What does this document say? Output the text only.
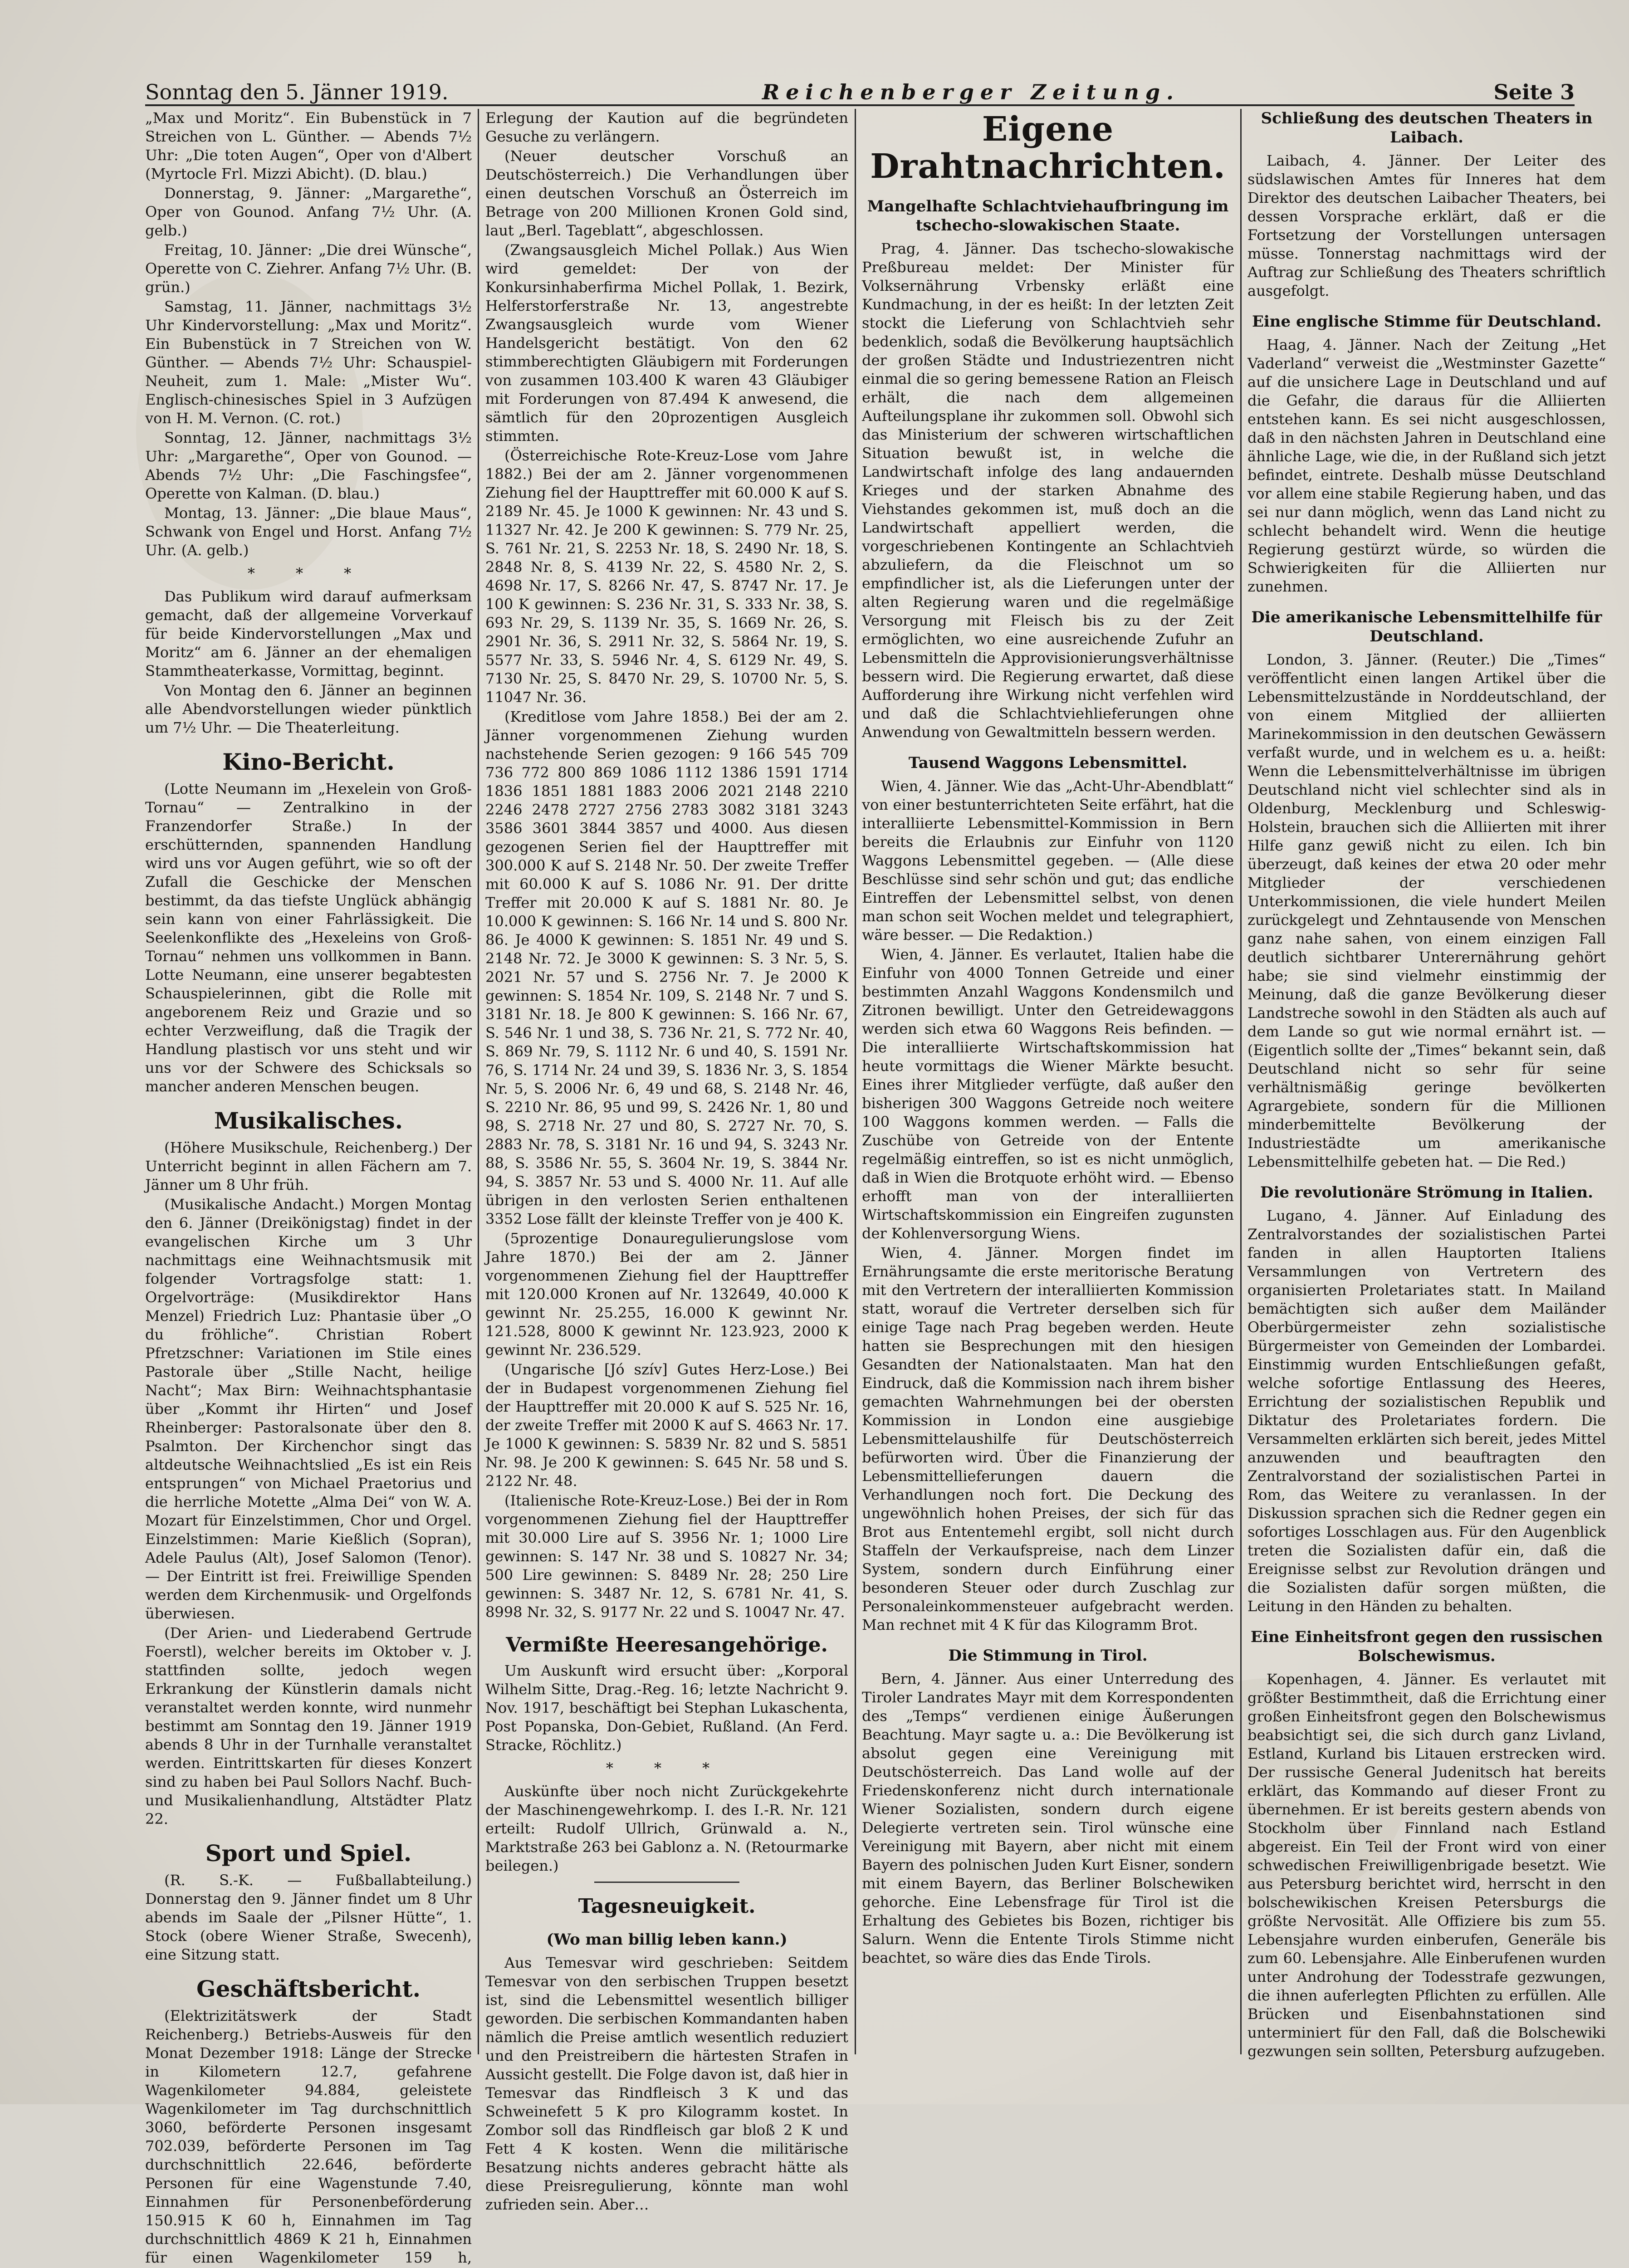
Sonntag den 5. Jänner 1919.	Reichenberger Zeitung.	Seite 3

„Max und Moritz“. Ein Bubenstück in 7 Streichen von L. Günther. — Abends 7½ Uhr: „Die toten Augen“, Oper von d'Albert (Myrtocle Frl. Mizzi Abicht). (D. blau.)

Donnerstag, 9. Jänner: „Margarethe“, Oper von Gounod. Anfang 7½ Uhr. (A. gelb.)

Freitag, 10. Jänner: „Die drei Wünsche“, Operette von C. Ziehrer. Anfang 7½ Uhr. (B. grün.)

Samstag, 11. Jänner, nachmittags 3½ Uhr Kindervorstellung: „Max und Moritz“. Ein Bubenstück in 7 Streichen von W. Günther. — Abends 7½ Uhr: Schauspiel-Neuheit, zum 1. Male: „Mister Wu“. Englisch-chinesisches Spiel in 3 Aufzügen von H. M. Vernon. (C. rot.)

Sonntag, 12. Jänner, nachmittags 3½ Uhr: „Margarethe“, Oper von Gounod. — Abends 7½ Uhr: „Die Faschingsfee“, Operette von Kalman. (D. blau.)

Montag, 13. Jänner: „Die blaue Maus“, Schwank von Engel und Horst. Anfang 7½ Uhr. (A. gelb.)

* * *

Das Publikum wird darauf aufmerksam gemacht, daß der allgemeine Vorverkauf für beide Kindervorstellungen „Max und Moritz“ am 6. Jänner an der ehemaligen Stammtheaterkasse, Vormittag, beginnt.

Von Montag den 6. Jänner an beginnen alle Abendvorstellungen wieder pünktlich um 7½ Uhr. — Die Theaterleitung.

Kino-Bericht.

(Lotte Neumann im „Hexelein von Groß-Tornau“ — Zentralkino in der Franzendorfer Straße.) In der erschütternden, spannenden Handlung wird uns vor Augen geführt, wie so oft der Zufall die Geschicke der Menschen bestimmt, da das tiefste Unglück abhängig sein kann von einer Fahrlässigkeit. Die Seelenkonflikte des „Hexeleins von Groß-Tornau“ nehmen uns vollkommen in Bann. Lotte Neumann, eine unserer begabtesten Schauspielerinnen, gibt die Rolle mit angeborenem Reiz und Grazie und so echter Verzweiflung, daß die Tragik der Handlung plastisch vor uns steht und wir uns vor der Schwere des Schicksals so mancher anderen Menschen beugen.

Musikalisches.

(Höhere Musikschule, Reichenberg.) Der Unterricht beginnt in allen Fächern am 7. Jänner um 8 Uhr früh.

(Musikalische Andacht.) Morgen Montag den 6. Jänner (Dreikönigstag) findet in der evangelischen Kirche um 3 Uhr nachmittags eine Weihnachtsmusik mit folgender Vortragsfolge statt: 1. Orgelvorträge: (Musikdirektor Hans Menzel) Friedrich Luz: Phantasie über „O du fröhliche“. Christian Robert Pfretzschner: Variationen im Stile eines Pastorale über „Stille Nacht, heilige Nacht“; Max Birn: Weihnachtsphantasie über „Kommt ihr Hirten“ und Josef Rheinberger: Pastoralsonate über den 8. Psalmton. Der Kirchenchor singt das altdeutsche Weihnachtslied „Es ist ein Reis entsprungen“ von Michael Praetorius und die herrliche Motette „Alma Dei“ von W. A. Mozart für Einzelstimmen, Chor und Orgel. Einzelstimmen: Marie Kießlich (Sopran), Adele Paulus (Alt), Josef Salomon (Tenor). — Der Eintritt ist frei. Freiwillige Spenden werden dem Kirchenmusik- und Orgelfonds überwiesen.

(Der Arien- und Liederabend Gertrude Foerstl), welcher bereits im Oktober v. J. stattfinden sollte, jedoch wegen Erkrankung der Künstlerin damals nicht veranstaltet werden konnte, wird nunmehr bestimmt am Sonntag den 19. Jänner 1919 abends 8 Uhr in der Turnhalle veranstaltet werden. Eintrittskarten für dieses Konzert sind zu haben bei Paul Sollors Nachf. Buch- und Musikalienhandlung, Altstädter Platz 22.

Sport und Spiel.

(R. S.-K. — Fußballabteilung.) Donnerstag den 9. Jänner findet um 8 Uhr abends im Saale der „Pilsner Hütte“, 1. Stock (obere Wiener Straße, Swecenh), eine Sitzung statt.

Geschäftsbericht.

(Elektrizitätswerk der Stadt Reichenberg.) Betriebs-Ausweis für den Monat Dezember 1918: Länge der Strecke in Kilometern 12.7, gefahrene Wagenkilometer 94.884, geleistete Wagenkilometer im Tag durchschnittlich 3060, beförderte Personen insgesamt 702.039, beförderte Personen im Tag durchschnittlich 22.646, beförderte Personen für eine Wagenstunde 7.40, Einnahmen für Personenbeförderung 150.915 K 60 h, Einnahmen im Tag durchschnittlich 4869 K 21 h, Einnahmen für einen Wagenkilometer 159 h,

Erlegung der Kaution auf die begründeten Gesuche zu verlängern.

(Neuer deutscher Vorschuß an Deutschösterreich.) Die Verhandlungen über einen deutschen Vorschuß an Österreich im Betrage von 200 Millionen Kronen Gold sind, laut „Berl. Tageblatt“, abgeschlossen.

(Zwangsausgleich Michel Pollak.) Aus Wien wird gemeldet: Der von der Konkursinhaberfirma Michel Pollak, 1. Bezirk, Helferstorferstraße Nr. 13, angestrebte Zwangsausgleich wurde vom Wiener Handelsgericht bestätigt. Von den 62 stimmberechtigten Gläubigern mit Forderungen von zusammen 103.400 K waren 43 Gläubiger mit Forderungen von 87.494 K anwesend, die sämtlich für den 20prozentigen Ausgleich stimmten.

(Österreichische Rote-Kreuz-Lose vom Jahre 1882.) Bei der am 2. Jänner vorgenommenen Ziehung fiel der Haupttreffer mit 60.000 K auf S. 2189 Nr. 45. Je 1000 K gewinnen: Nr. 43 und S. 11327 Nr. 42. Je 200 K gewinnen: S. 779 Nr. 25, S. 761 Nr. 21, S. 2253 Nr. 18, S. 2490 Nr. 18, S. 2848 Nr. 8, S. 4139 Nr. 22, S. 4580 Nr. 2, S. 4698 Nr. 17, S. 8266 Nr. 47, S. 8747 Nr. 17. Je 100 K gewinnen: S. 236 Nr. 31, S. 333 Nr. 38, S. 693 Nr. 29, S. 1139 Nr. 35, S. 1669 Nr. 26, S. 2901 Nr. 36, S. 2911 Nr. 32, S. 5864 Nr. 19, S. 5577 Nr. 33, S. 5946 Nr. 4, S. 6129 Nr. 49, S. 7130 Nr. 25, S. 8470 Nr. 29, S. 10700 Nr. 5, S. 11047 Nr. 36.

(Kreditlose vom Jahre 1858.) Bei der am 2. Jänner vorgenommenen Ziehung wurden nachstehende Serien gezogen: 9 166 545 709 736 772 800 869 1086 1112 1386 1591 1714 1836 1851 1881 1883 2006 2021 2148 2210 2246 2478 2727 2756 2783 3082 3181 3243 3586 3601 3844 3857 und 4000. Aus diesen gezogenen Serien fiel der Haupttreffer mit 300.000 K auf S. 2148 Nr. 50. Der zweite Treffer mit 60.000 K auf S. 1086 Nr. 91. Der dritte Treffer mit 20.000 K auf S. 1881 Nr. 80. Je 10.000 K gewinnen: S. 166 Nr. 14 und S. 800 Nr. 86. Je 4000 K gewinnen: S. 1851 Nr. 49 und S. 2148 Nr. 72. Je 3000 K gewinnen: S. 3 Nr. 5, S. 2021 Nr. 57 und S. 2756 Nr. 7. Je 2000 K gewinnen: S. 1854 Nr. 109, S. 2148 Nr. 7 und S. 3181 Nr. 18. Je 800 K gewinnen: S. 166 Nr. 67, S. 546 Nr. 1 und 38, S. 736 Nr. 21, S. 772 Nr. 40, S. 869 Nr. 79, S. 1112 Nr. 6 und 40, S. 1591 Nr. 76, S. 1714 Nr. 24 und 39, S. 1836 Nr. 3, S. 1854 Nr. 5, S. 2006 Nr. 6, 49 und 68, S. 2148 Nr. 46, S. 2210 Nr. 86, 95 und 99, S. 2426 Nr. 1, 80 und 98, S. 2718 Nr. 27 und 80, S. 2727 Nr. 70, S. 2883 Nr. 78, S. 3181 Nr. 16 und 94, S. 3243 Nr. 88, S. 3586 Nr. 55, S. 3604 Nr. 19, S. 3844 Nr. 94, S. 3857 Nr. 53 und S. 4000 Nr. 11. Auf alle übrigen in den verlosten Serien enthaltenen 3352 Lose fällt der kleinste Treffer von je 400 K.

(5prozentige Donauregulierungslose vom Jahre 1870.) Bei der am 2. Jänner vorgenommenen Ziehung fiel der Haupttreffer mit 120.000 Kronen auf Nr. 132649, 40.000 K gewinnt Nr. 25.255, 16.000 K gewinnt Nr. 121.528, 8000 K gewinnt Nr. 123.923, 2000 K gewinnt Nr. 236.529.

(Ungarische [Jó szív] Gutes Herz-Lose.) Bei der in Budapest vorgenommenen Ziehung fiel der Haupttreffer mit 20.000 K auf S. 525 Nr. 16, der zweite Treffer mit 2000 K auf S. 4663 Nr. 17. Je 1000 K gewinnen: S. 5839 Nr. 82 und S. 5851 Nr. 98. Je 200 K gewinnen: S. 645 Nr. 58 und S. 2122 Nr. 48.

(Italienische Rote-Kreuz-Lose.) Bei der in Rom vorgenommenen Ziehung fiel der Haupttreffer mit 30.000 Lire auf S. 3956 Nr. 1; 1000 Lire gewinnen: S. 147 Nr. 38 und S. 10827 Nr. 34; 500 Lire gewinnen: S. 8489 Nr. 28; 250 Lire gewinnen: S. 3487 Nr. 12, S. 6781 Nr. 41, S. 8998 Nr. 32, S. 9177 Nr. 22 und S. 10047 Nr. 47.

Vermißte Heeresangehörige.

Um Auskunft wird ersucht über: „Korporal Wilhelm Sitte, Drag.-Reg. 16; letzte Nachricht 9. Nov. 1917, beschäftigt bei Stephan Lukaschenta, Post Popanska, Don-Gebiet, Rußland. (An Ferd. Stracke, Röchlitz.)

* * *

Auskünfte über noch nicht Zurückgekehrte der Maschinengewehrkomp. I. des I.-R. Nr. 121 erteilt: Rudolf Ullrich, Grünwald a. N., Marktstraße 263 bei Gablonz a. N. (Retourmarke beilegen.)

Tagesneuigkeit.
(Wo man billig leben kann.)

Aus Temesvar wird geschrieben: Seitdem Temesvar von den serbischen Truppen besetzt ist, sind die Lebensmittel wesentlich billiger geworden. Die serbischen Kommandanten haben nämlich die Preise amtlich wesentlich reduziert und den Preistreibern die härtesten Strafen in Aussicht gestellt. Die Folge davon ist, daß hier in Temesvar das Rindfleisch 3 K und das Schweinefett 5 K pro Kilogramm kostet. In Zombor soll das Rindfleisch gar bloß 2 K und Fett 4 K kosten. Wenn die militärische Besatzung nichts anderes gebracht hätte als diese Preisregulierung, könnte man wohl zufrieden sein. Aber…

Eigene Drahtnachrichten.
Mangelhafte Schlachtviehaufbringung im tschecho-slowakischen Staate.

Prag, 4. Jänner. Das tschecho-slowakische Preßbureau meldet: Der Minister für Volksernährung Vrbensky erläßt eine Kundmachung, in der es heißt: In der letzten Zeit stockt die Lieferung von Schlachtvieh sehr bedenklich, sodaß die Bevölkerung hauptsächlich der großen Städte und Industriezentren nicht einmal die so gering bemessene Ration an Fleisch erhält, die nach dem allgemeinen Aufteilungsplane ihr zukommen soll. Obwohl sich das Ministerium der schweren wirtschaftlichen Situation bewußt ist, in welche die Landwirtschaft infolge des lang andauernden Krieges und der starken Abnahme des Viehstandes gekommen ist, muß doch an die Landwirtschaft appelliert werden, die vorgeschriebenen Kontingente an Schlachtvieh abzuliefern, da die Fleischnot um so empfindlicher ist, als die Lieferungen unter der alten Regierung waren und die regelmäßige Versorgung mit Fleisch bis zu der Zeit ermöglichten, wo eine ausreichende Zufuhr an Lebensmitteln die Approvisionierungsverhältnisse bessern wird. Die Regierung erwartet, daß diese Aufforderung ihre Wirkung nicht verfehlen wird und daß die Schlachtviehlieferungen ohne Anwendung von Gewaltmitteln bessern werden.

Tausend Waggons Lebensmittel.

Wien, 4. Jänner. Wie das „Acht-Uhr-Abendblatt“ von einer bestunterrichteten Seite erfährt, hat die interalliierte Lebensmittel-Kommission in Bern bereits die Erlaubnis zur Einfuhr von 1120 Waggons Lebensmittel gegeben. — (Alle diese Beschlüsse sind sehr schön und gut; das endliche Eintreffen der Lebensmittel selbst, von denen man schon seit Wochen meldet und telegraphiert, wäre besser. — Die Redaktion.)

Wien, 4. Jänner. Es verlautet, Italien habe die Einfuhr von 4000 Tonnen Getreide und einer bestimmten Anzahl Waggons Kondensmilch und Zitronen bewilligt. Unter den Getreidewaggons werden sich etwa 60 Waggons Reis befinden. — Die interalliierte Wirtschaftskommission hat heute vormittags die Wiener Märkte besucht. Eines ihrer Mitglieder verfügte, daß außer den bisherigen 300 Waggons Getreide noch weitere 100 Waggons kommen werden. — Falls die Zuschübe von Getreide von der Entente regelmäßig eintreffen, so ist es nicht unmöglich, daß in Wien die Brotquote erhöht wird. — Ebenso erhofft man von der interalliierten Wirtschaftskommission ein Eingreifen zugunsten der Kohlenversorgung Wiens.

Wien, 4. Jänner. Morgen findet im Ernährungsamte die erste meritorische Beratung mit den Vertretern der interalliierten Kommission statt, worauf die Vertreter derselben sich für einige Tage nach Prag begeben werden. Heute hatten sie Besprechungen mit den hiesigen Gesandten der Nationalstaaten. Man hat den Eindruck, daß die Kommission nach ihrem bisher gemachten Wahrnehmungen bei der obersten Kommission in London eine ausgiebige Lebensmittelaushilfe für Deutschösterreich befürworten wird. Über die Finanzierung der Lebensmittellieferungen dauern die Verhandlungen noch fort. Die Deckung des ungewöhnlich hohen Preises, der sich für das Brot aus Ententemehl ergibt, soll nicht durch Staffeln der Verkaufspreise, nach dem Linzer System, sondern durch Einführung einer besonderen Steuer oder durch Zuschlag zur Personaleinkommensteuer aufgebracht werden. Man rechnet mit 4 K für das Kilogramm Brot.

Die Stimmung in Tirol.

Bern, 4. Jänner. Aus einer Unterredung des Tiroler Landrates Mayr mit dem Korrespondenten des „Temps“ verdienen einige Äußerungen Beachtung. Mayr sagte u. a.: Die Bevölkerung ist absolut gegen eine Vereinigung mit Deutschösterreich. Das Land wolle auf der Friedenskonferenz nicht durch internationale Wiener Sozialisten, sondern durch eigene Delegierte vertreten sein. Tirol wünsche eine Vereinigung mit Bayern, aber nicht mit einem Bayern des polnischen Juden Kurt Eisner, sondern mit einem Bayern, das Berliner Bolschewiken gehorche. Eine Lebensfrage für Tirol ist die Erhaltung des Gebietes bis Bozen, richtiger bis Salurn. Wenn die Entente Tirols Stimme nicht beachtet, so wäre dies das Ende Tirols.

Schließung des deutschen Theaters in Laibach.

Laibach, 4. Jänner. Der Leiter des südslawischen Amtes für Inneres hat dem Direktor des deutschen Laibacher Theaters, bei dessen Vorsprache erklärt, daß er die Fortsetzung der Vorstellungen untersagen müsse. Tonnerstag nachmittags wird der Auftrag zur Schließung des Theaters schriftlich ausgefolgt.

Eine englische Stimme für Deutschland.

Haag, 4. Jänner. Nach der Zeitung „Het Vaderland“ verweist die „Westminster Gazette“ auf die unsichere Lage in Deutschland und auf die Gefahr, die daraus für die Alliierten entstehen kann. Es sei nicht ausgeschlossen, daß in den nächsten Jahren in Deutschland eine ähnliche Lage, wie die, in der Rußland sich jetzt befindet, eintrete. Deshalb müsse Deutschland vor allem eine stabile Regierung haben, und das sei nur dann möglich, wenn das Land nicht zu schlecht behandelt wird. Wenn die heutige Regierung gestürzt würde, so würden die Schwierigkeiten für die Alliierten nur zunehmen.

Die amerikanische Lebensmittelhilfe für Deutschland.

London, 3. Jänner. (Reuter.) Die „Times“ veröffentlicht einen langen Artikel über die Lebensmittelzustände in Norddeutschland, der von einem Mitglied der alliierten Marinekommission in den deutschen Gewässern verfaßt wurde, und in welchem es u. a. heißt: Wenn die Lebensmittelverhältnisse im übrigen Deutschland nicht viel schlechter sind als in Oldenburg, Mecklenburg und Schleswig-Holstein, brauchen sich die Alliierten mit ihrer Hilfe ganz gewiß nicht zu eilen. Ich bin überzeugt, daß keines der etwa 20 oder mehr Mitglieder der verschiedenen Unterkommissionen, die viele hundert Meilen zurückgelegt und Zehntausende von Menschen ganz nahe sahen, von einem einzigen Fall deutlich sichtbarer Unterernährung gehört habe; sie sind vielmehr einstimmig der Meinung, daß die ganze Bevölkerung dieser Landstreche sowohl in den Städten als auch auf dem Lande so gut wie normal ernährt ist. — (Eigentlich sollte der „Times“ bekannt sein, daß Deutschland nicht so sehr für seine verhältnismäßig geringe bevölkerten Agrargebiete, sondern für die Millionen minderbemittelte Bevölkerung der Industriestädte um amerikanische Lebensmittelhilfe gebeten hat. — Die Red.)

Die revolutionäre Strömung in Italien.

Lugano, 4. Jänner. Auf Einladung des Zentralvorstandes der sozialistischen Partei fanden in allen Hauptorten Italiens Versammlungen von Vertretern des organisierten Proletariates statt. In Mailand bemächtigten sich außer dem Mailänder Oberbürgermeister zehn sozialistische Bürgermeister von Gemeinden der Lombardei. Einstimmig wurden Entschließungen gefaßt, welche sofortige Entlassung des Heeres, Errichtung der sozialistischen Republik und Diktatur des Proletariates fordern. Die Versammelten erklärten sich bereit, jedes Mittel anzuwenden und beauftragten den Zentralvorstand der sozialistischen Partei in Rom, das Weitere zu veranlassen. In der Diskussion sprachen sich die Redner gegen ein sofortiges Losschlagen aus. Für den Augenblick treten die Sozialisten dafür ein, daß die Ereignisse selbst zur Revolution drängen und die Sozialisten dafür sorgen müßten, die Leitung in den Händen zu behalten.

Eine Einheitsfront gegen den russischen Bolschewismus.

Kopenhagen, 4. Jänner. Es verlautet mit größter Bestimmtheit, daß die Errichtung einer großen Einheitsfront gegen den Bolschewismus beabsichtigt sei, die sich durch ganz Livland, Estland, Kurland bis Litauen erstrecken wird. Der russische General Judenitsch hat bereits erklärt, das Kommando auf dieser Front zu übernehmen. Er ist bereits gestern abends von Stockholm über Finnland nach Estland abgereist. Ein Teil der Front wird von einer schwedischen Freiwilligenbrigade besetzt. Wie aus Petersburg berichtet wird, herrscht in den bolschewikischen Kreisen Petersburgs die größte Nervosität. Alle Offiziere bis zum 55. Lebensjahre wurden einberufen, Generäle bis zum 60. Lebensjahre. Alle Einberufenen wurden unter Androhung der Todesstrafe gezwungen, die ihnen auferlegten Pflichten zu erfüllen. Alle Brücken und Eisenbahnstationen sind unterminiert für den Fall, daß die Bolschewiki gezwungen sein sollten, Petersburg aufzugeben.
